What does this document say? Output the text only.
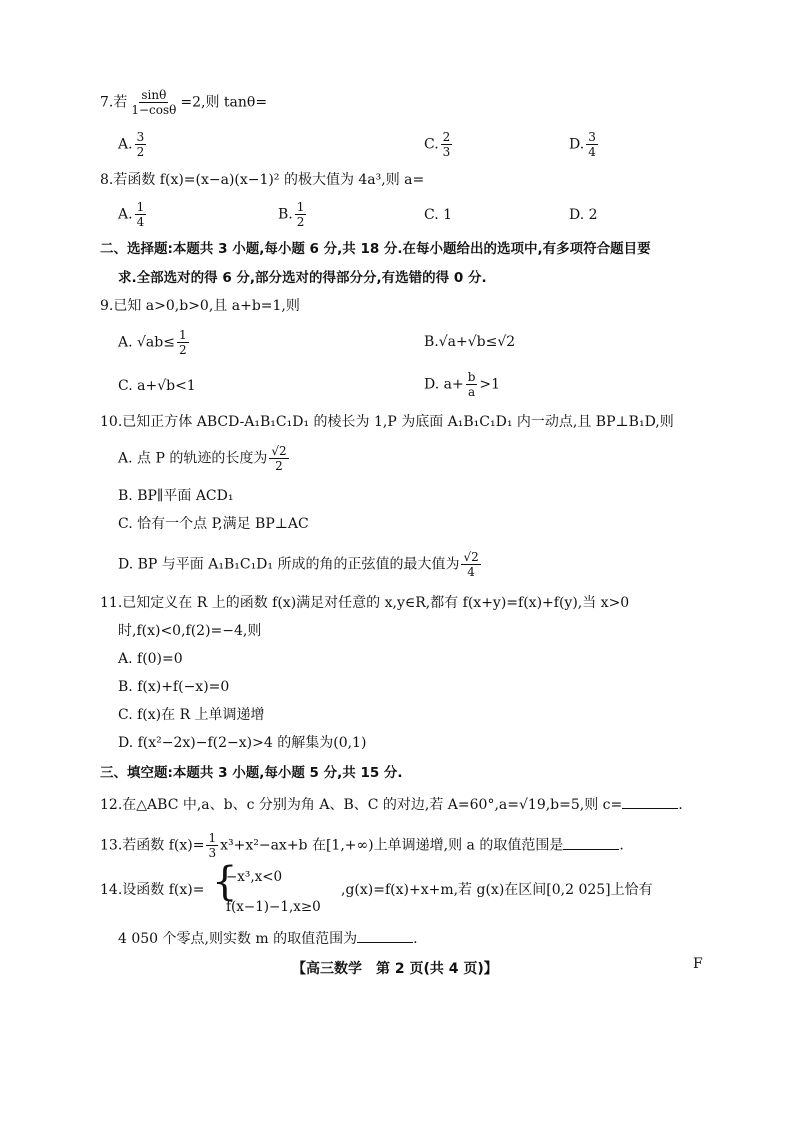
7.若 $\frac{\sin\theta}{1-\cos\theta} =2$,则 tanθ=
A. $\frac{3}{2}$	C. $\frac{2}{3}$	D. $\frac{3}{4}$
8.若函数 f(x)=(x−a)(x−1)² 的极大值为 4a³,则 a=
A. $\frac{1}{4}$	B. $\frac{1}{2}$	C. 1	D. 2
二、选择题:本题共 3 小题,每小题 6 分,共 18 分.在每小题给出的选项中,有多项符合题目要
求.全部选对的得 6 分,部分选对的得部分分,有选错的得 0 分.
9.已知 a>0,b>0,且 a+b=1,则
A. $√ab\le \frac{1}{2}$	B.√a+√b≤√2
C. a+√b<1	D. $a+ \frac{b}{a} >1$
10.已知正方体 ABCD-A₁B₁C₁D₁ 的棱长为 1,P 为底面 A₁B₁C₁D₁ 内一动点,且 BP⊥B₁D,则
A. 点 P 的轨迹的长度为 $\frac{√2}{2}$
B. BP∥平面 ACD₁
C. 恰有一个点 P,满足 BP⊥AC
D. BP 与平面 A₁B₁C₁D₁ 所成的角的正弦值的最大值为 $\frac{√2}{4}$
11.已知定义在 R 上的函数 f(x)满足对任意的 x,y∈R,都有 f(x+y)=f(x)+f(y),当 x>0
时,f(x)<0,f(2)=−4,则
A. f(0)=0
B. f(x)+f(−x)=0
C. f(x)在 R 上单调递增
D. f(x²−2x)−f(2−x)>4 的解集为(0,1)
三、填空题:本题共 3 小题,每小题 5 分,共 15 分.
12.在△ABC 中,a、b、c 分别为角 A、B、C 的对边,若 A=60°,a=√19,b=5,则 c=	.
13.若函数 $f(x)= \frac{1}{3} x^3+x^2-ax+b$ 在[1,+∞)上单调递增,则 a 的取值范围是	.
14.设函数 f(x)= {
−x³,x<0
f(x−1)−1,x≥0
,g(x)=f(x)+x+m,若 g(x)在区间[0,2 025]上恰有
4 050 个零点,则实数 m 的取值范围为	.
【高三数学　第 2 页(共 4 页)】	F
